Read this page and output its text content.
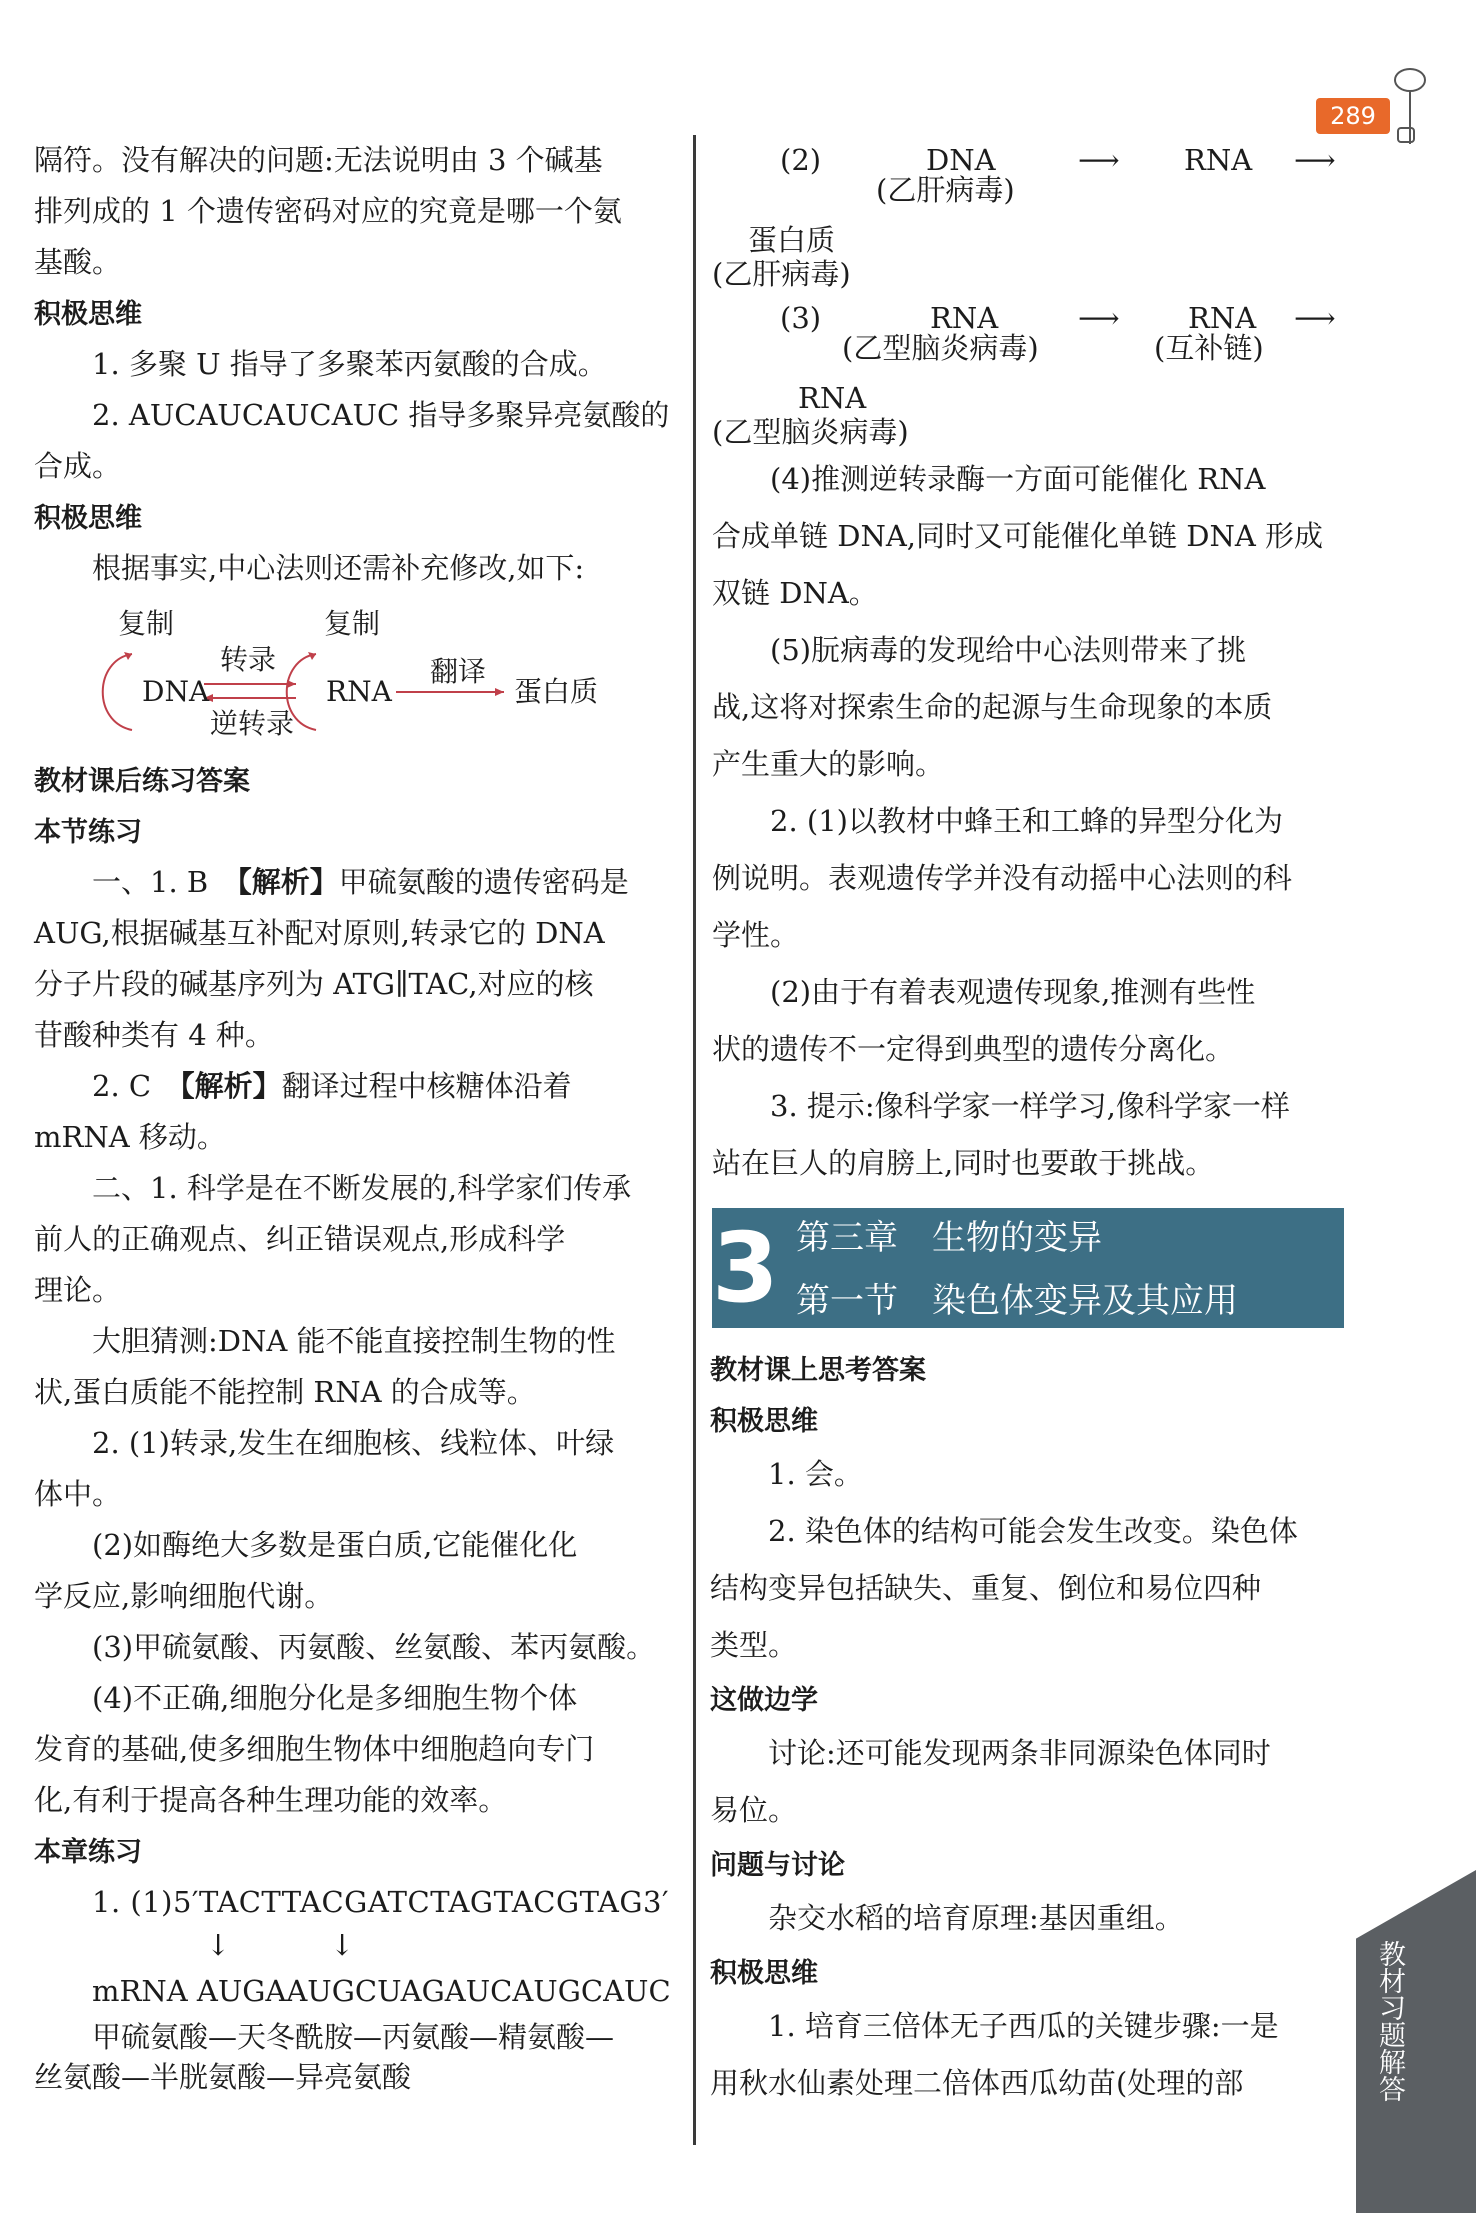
289

隔符。没有解决的问题:无法说明由 3 个碱基

排列成的 1 个遗传密码对应的究竟是哪一个氨

基酸。

积极思维

1. 多聚 U 指导了多聚苯丙氨酸的合成。

2. AUCAUCAUCAUC 指导多聚异亮氨酸的

合成。

积极思维

根据事实,中心法则还需补充修改,如下:

复制	复制
DNA
转录
逆转录
RNA
翻译
蛋白质

教材课后练习答案

本节练习

一、1. B　 【解析】甲硫氨酸的遗传密码是

AUG,根据碱基互补配对原则,转录它的 DNA

分子片段的碱基序列为 ATG∥TAC,对应的核

苷酸种类有 4 种。

2. C　 【解析】翻译过程中核糖体沿着

mRNA 移动。

二、1. 科学是在不断发展的,科学家们传承

前人的正确观点、纠正错误观点,形成科学

理论。

大胆猜测:DNA 能不能直接控制生物的性

状,蛋白质能不能控制 RNA 的合成等。

2. (1)转录,发生在细胞核、线粒体、叶绿

体中。

(2)如酶绝大多数是蛋白质,它能催化化

学反应,影响细胞代谢。

(3)甲硫氨酸、丙氨酸、丝氨酸、苯丙氨酸。

(4)不正确,细胞分化是多细胞生物个体

发育的基础,使多细胞生物体中细胞趋向专门

化,有利于提高各种生理功能的效率。

本章练习

1. (1)5′TACTTACGATCTAGTACGTAG3′

↓	↓

mRNA AUGAAUGCUAGAUCAUGCAUC

甲硫氨酸—天冬酰胺—丙氨酸—精氨酸—

丝氨酸—半胱氨酸—异亮氨酸

(2)	DNA
(乙肝病毒)
⟶ RNA ⟶
蛋白质
(乙肝病毒)
(3)	RNA
(乙型脑炎病毒)
⟶ RNA
(互补链)
⟶
RNA
(乙型脑炎病毒)

(4)推测逆转录酶一方面可能催化 RNA

合成单链 DNA,同时又可能催化单链 DNA 形成

双链 DNA。

(5)朊病毒的发现给中心法则带来了挑

战,这将对探索生命的起源与生命现象的本质

产生重大的影响。

2. (1)以教材中蜂王和工蜂的异型分化为

例说明。表观遗传学并没有动摇中心法则的科

学性。

(2)由于有着表观遗传现象,推测有些性

状的遗传不一定得到典型的遗传分离化。

3. 提示:像科学家一样学习,像科学家一样

站在巨人的肩膀上,同时也要敢于挑战。

3 第三章　生物的变异
第一节　染色体变异及其应用

教材课上思考答案

积极思维

1. 会。

2. 染色体的结构可能会发生改变。染色体

结构变异包括缺失、重复、倒位和易位四种

类型。

这做边学

讨论:还可能发现两条非同源染色体同时

易位。

问题与讨论

杂交水稻的培育原理:基因重组。

积极思维

1. 培育三倍体无子西瓜的关键步骤:一是

用秋水仙素处理二倍体西瓜幼苗(处理的部	教材习题解答
